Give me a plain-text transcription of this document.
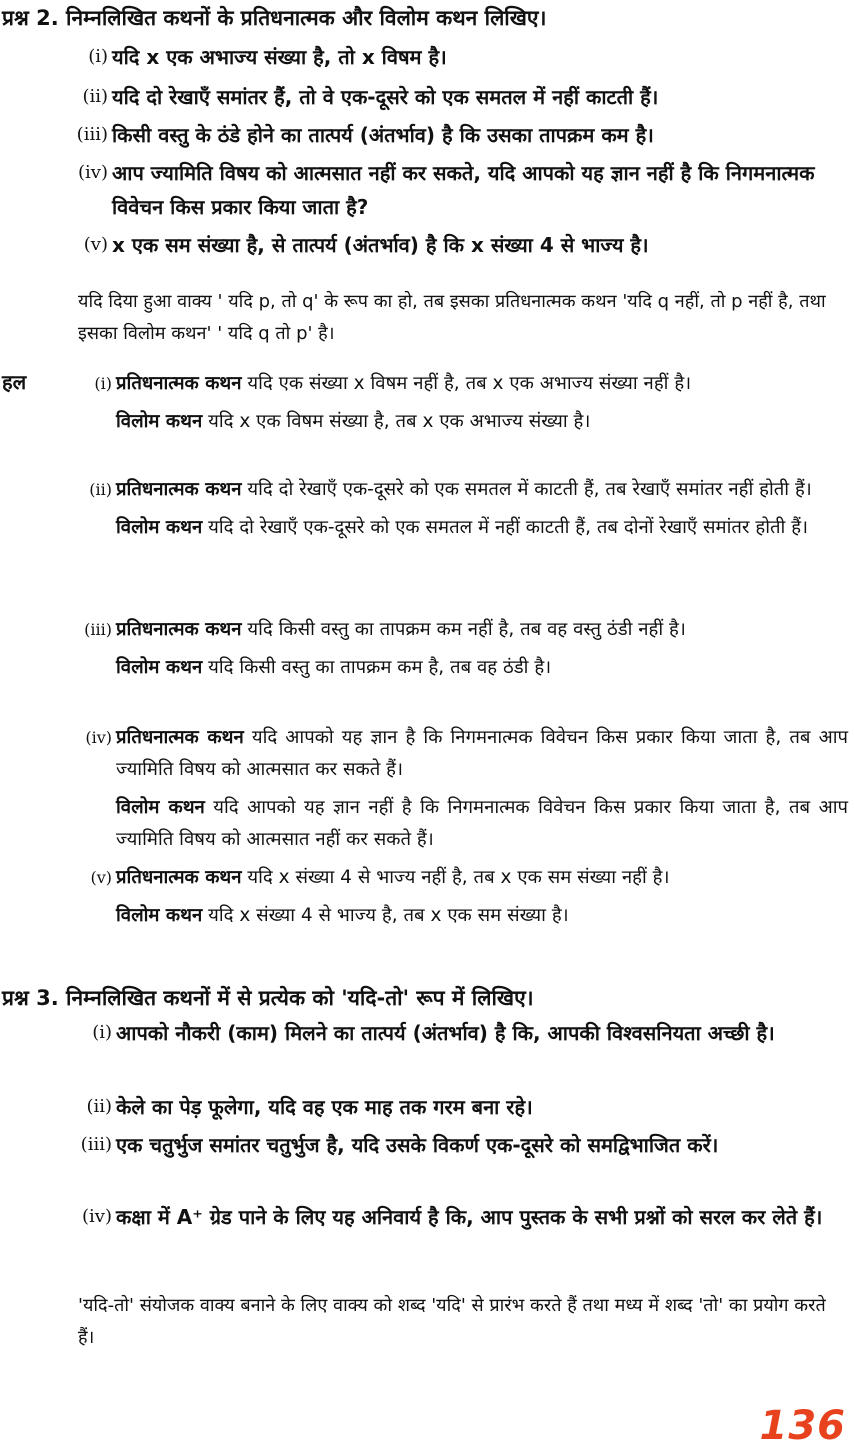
प्रश्न 2. निम्नलिखित कथनों के प्रतिधनात्मक और विलोम कथन लिखिए।
(i) यदि x एक अभाज्य संख्या है, तो x विषम है।
(ii) यदि दो रेखाएँ समांतर हैं, तो वे एक-दूसरे को एक समतल में नहीं काटती हैं।
(iii) किसी वस्तु के ठंडे होने का तात्पर्य (अंतर्भाव) है कि उसका तापक्रम कम है।
(iv) आप ज्यामिति विषय को आत्मसात नहीं कर सकते, यदि आपको यह ज्ञान नहीं है कि निगमनात्मक विवेचन किस प्रकार किया जाता है?
(v) x एक सम संख्या है, से तात्पर्य (अंतर्भाव) है कि x संख्या 4 से भाज्य है।
यदि दिया हुआ वाक्य ' यदि p, तो q' के रूप का हो, तब इसका प्रतिधनात्मक कथन 'यदि q नहीं, तो p नहीं है, तथा इसका विलोम कथन' ' यदि q तो p' है।
हल	(i) प्रतिधनात्मक कथन यदि एक संख्या x विषम नहीं है, तब x एक अभाज्य संख्या नहीं है।
विलोम कथन यदि x एक विषम संख्या है, तब x एक अभाज्य संख्या है।
(ii) प्रतिधनात्मक कथन यदि दो रेखाएँ एक-दूसरे को एक समतल में काटती हैं, तब रेखाएँ समांतर नहीं होती हैं।
विलोम कथन यदि दो रेखाएँ एक-दूसरे को एक समतल में नहीं काटती हैं, तब दोनों रेखाएँ समांतर होती हैं।
(iii) प्रतिधनात्मक कथन यदि किसी वस्तु का तापक्रम कम नहीं है, तब वह वस्तु ठंडी नहीं है।
विलोम कथन यदि किसी वस्तु का तापक्रम कम है, तब वह ठंडी है।
(iv) प्रतिधनात्मक कथन यदि आपको यह ज्ञान है कि निगमनात्मक विवेचन किस प्रकार किया जाता है, तब आप ज्यामिति विषय को आत्मसात कर सकते हैं।
विलोम कथन यदि आपको यह ज्ञान नहीं है कि निगमनात्मक विवेचन किस प्रकार किया जाता है, तब आप ज्यामिति विषय को आत्मसात नहीं कर सकते हैं।
(v) प्रतिधनात्मक कथन यदि x संख्या 4 से भाज्य नहीं है, तब x एक सम संख्या नहीं है।
विलोम कथन यदि x संख्या 4 से भाज्य है, तब x एक सम संख्या है।
प्रश्न 3. निम्नलिखित कथनों में से प्रत्येक को 'यदि-तो' रूप में लिखिए।
(i) आपको नौकरी (काम) मिलने का तात्पर्य (अंतर्भाव) है कि, आपकी विश्वसनियता अच्छी है।
(ii) केले का पेड़ फूलेगा, यदि वह एक माह तक गरम बना रहे।
(iii) एक चतुर्भुज समांतर चतुर्भुज है, यदि उसके विकर्ण एक-दूसरे को समद्विभाजित करें।
(iv) कक्षा में A⁺ ग्रेड पाने के लिए यह अनिवार्य है कि, आप पुस्तक के सभी प्रश्नों को सरल कर लेते हैं।
'यदि-तो' संयोजक वाक्य बनाने के लिए वाक्य को शब्द 'यदि' से प्रारंभ करते हैं तथा मध्य में शब्द 'तो' का प्रयोग करते हैं।
136
